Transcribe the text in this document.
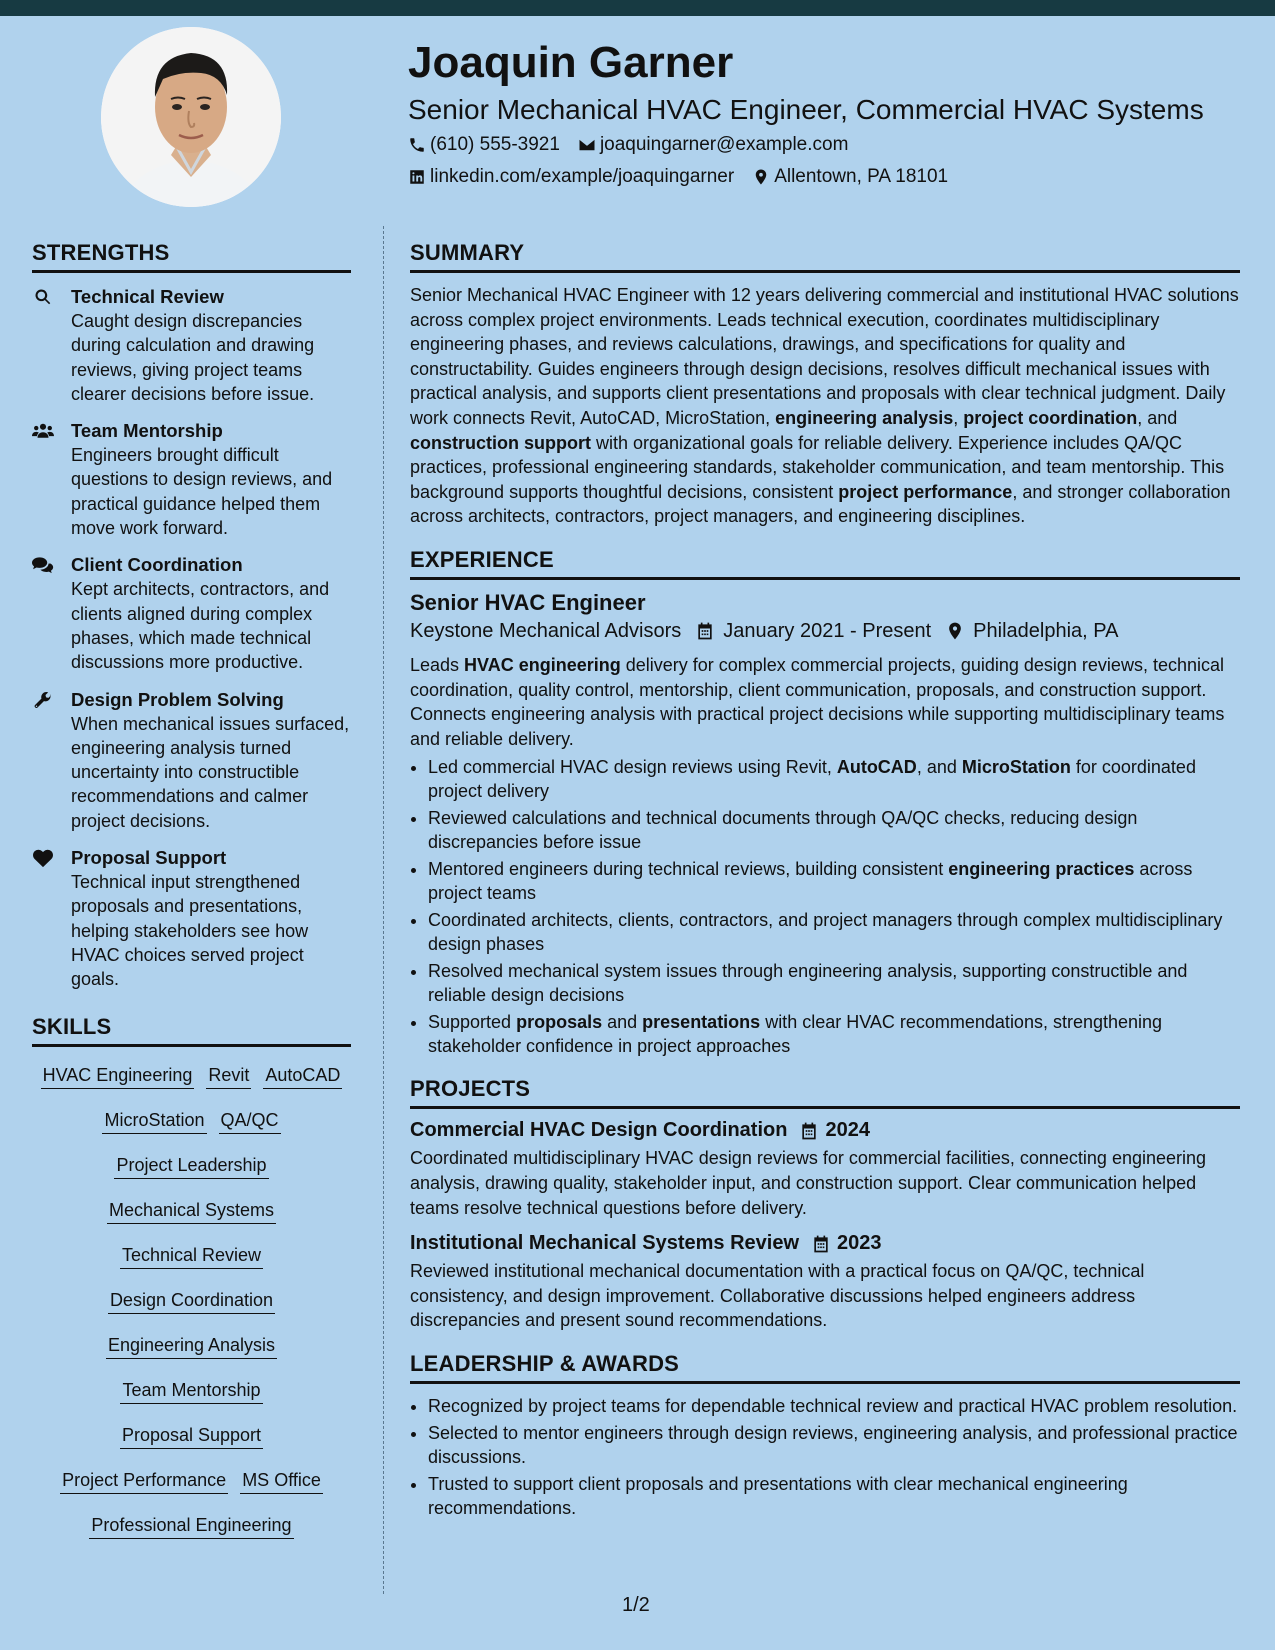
Joaquin Garner
Senior Mechanical HVAC Engineer, Commercial HVAC Systems
(610) 555-3921 joaquingarner@example.com
linkedin.com/example/joaquingarner Allentown, PA 18101
STRENGTHS
Technical Review
Caught design discrepancies during calculation and drawing reviews, giving project teams clearer decisions before issue.
Team Mentorship
Engineers brought difficult questions to design reviews, and practical guidance helped them move work forward.
Client Coordination
Kept architects, contractors, and clients aligned during complex phases, which made technical discussions more productive.
Design Problem Solving
When mechanical issues surfaced, engineering analysis turned uncertainty into constructible recommendations and calmer project decisions.
Proposal Support
Technical input strengthened proposals and presentations, helping stakeholders see how HVAC choices served project goals.
SKILLS
HVAC Engineering Revit AutoCAD
MicroStation QA/QC
Project Leadership
Mechanical Systems
Technical Review
Design Coordination
Engineering Analysis
Team Mentorship
Proposal Support
Project Performance MS Office
Professional Engineering
SUMMARY

Senior Mechanical HVAC Engineer with 12 years delivering commercial and institutional HVAC solutions across complex project environments. Leads technical execution, coordinates multidisciplinary engineering phases, and reviews calculations, drawings, and specifications for quality and constructability. Guides engineers through design decisions, resolves difficult mechanical issues with practical analysis, and supports client presentations and proposals with clear technical judgment. Daily work connects Revit, AutoCAD, MicroStation, engineering analysis, project coordination, and construction support with organizational goals for reliable delivery. Experience includes QA/QC practices, professional engineering standards, stakeholder communication, and team mentorship. This background supports thoughtful decisions, consistent project performance, and stronger collaboration across architects, contractors, project managers, and engineering disciplines.

EXPERIENCE
Senior HVAC Engineer
Keystone Mechanical Advisors January 2021 - Present Philadelphia, PA

Leads HVAC engineering delivery for complex commercial projects, guiding design reviews, technical coordination, quality control, mentorship, client communication, proposals, and construction support. Connects engineering analysis with practical project decisions while supporting multidisciplinary teams and reliable delivery.

• Led commercial HVAC design reviews using Revit, AutoCAD, and MicroStation for coordinated project delivery
• Reviewed calculations and technical documents through QA/QC checks, reducing design discrepancies before issue
• Mentored engineers during technical reviews, building consistent engineering practices across project teams
• Coordinated architects, clients, contractors, and project managers through complex multidisciplinary design phases
• Resolved mechanical system issues through engineering analysis, supporting constructible and reliable design decisions
• Supported proposals and presentations with clear HVAC recommendations, strengthening stakeholder confidence in project approaches
PROJECTS
Commercial HVAC Design Coordination 2024

Coordinated multidisciplinary HVAC design reviews for commercial facilities, connecting engineering analysis, drawing quality, stakeholder input, and construction support. Clear communication helped teams resolve technical questions before delivery.

Institutional Mechanical Systems Review 2023

Reviewed institutional mechanical documentation with a practical focus on QA/QC, technical consistency, and design improvement. Collaborative discussions helped engineers address discrepancies and present sound recommendations.

LEADERSHIP & AWARDS
• Recognized by project teams for dependable technical review and practical HVAC problem resolution.
• Selected to mentor engineers through design reviews, engineering analysis, and professional practice discussions.
• Trusted to support client proposals and presentations with clear mechanical engineering recommendations.
1/2
